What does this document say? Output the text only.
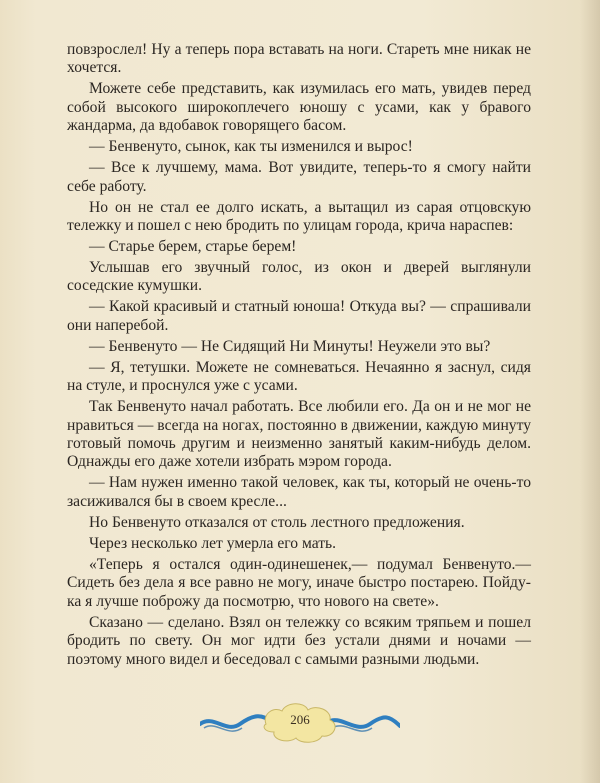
повзрослел! Ну а теперь пора вставать на ноги. Стареть мне никак не хочется.

Можете себе представить, как изумилась его мать, увидев перед собой высокого широкоплечего юношу с усами, как у бравого жандарма, да вдобавок говорящего басом.

— Бенвенуто, сынок, как ты изменился и вырос!

— Все к лучшему, мама. Вот увидите, теперь-то я смогу найти себе работу.

Но он не стал ее долго искать, а вытащил из сарая отцовскую тележку и пошел с нею бродить по улицам города, крича нараспев:

— Старье берем, старье берем!

Услышав его звучный голос, из окон и дверей выглянули соседские кумушки.

— Какой красивый и статный юноша! Откуда вы? — спрашивали они наперебой.

— Бенвенуто — Не Сидящий Ни Минуты! Неужели это вы?

— Я, тетушки. Можете не сомневаться. Нечаянно я заснул, сидя на стуле, и проснулся уже с усами.

Так Бенвенуто начал работать. Все любили его. Да он и не мог не нравиться — всегда на ногах, постоянно в движении, каждую минуту готовый помочь другим и неизменно занятый каким-нибудь делом. Однажды его даже хотели избрать мэром города.

— Нам нужен именно такой человек, как ты, который не очень-то засиживался бы в своем кресле...

Но Бенвенуто отказался от столь лестного предложения.

Через несколько лет умерла его мать.

«Теперь я остался один-одинешенек,— подумал Бенвенуто.— Сидеть без дела я все равно не могу, иначе быстро постарею. Пойду-ка я лучше поброжу да посмотрю, что нового на свете».

Сказано — сделано. Взял он тележку со всяким тряпьем и пошел бродить по свету. Он мог идти без устали днями и ночами — поэтому много видел и беседовал с самыми разными людьми.

206
